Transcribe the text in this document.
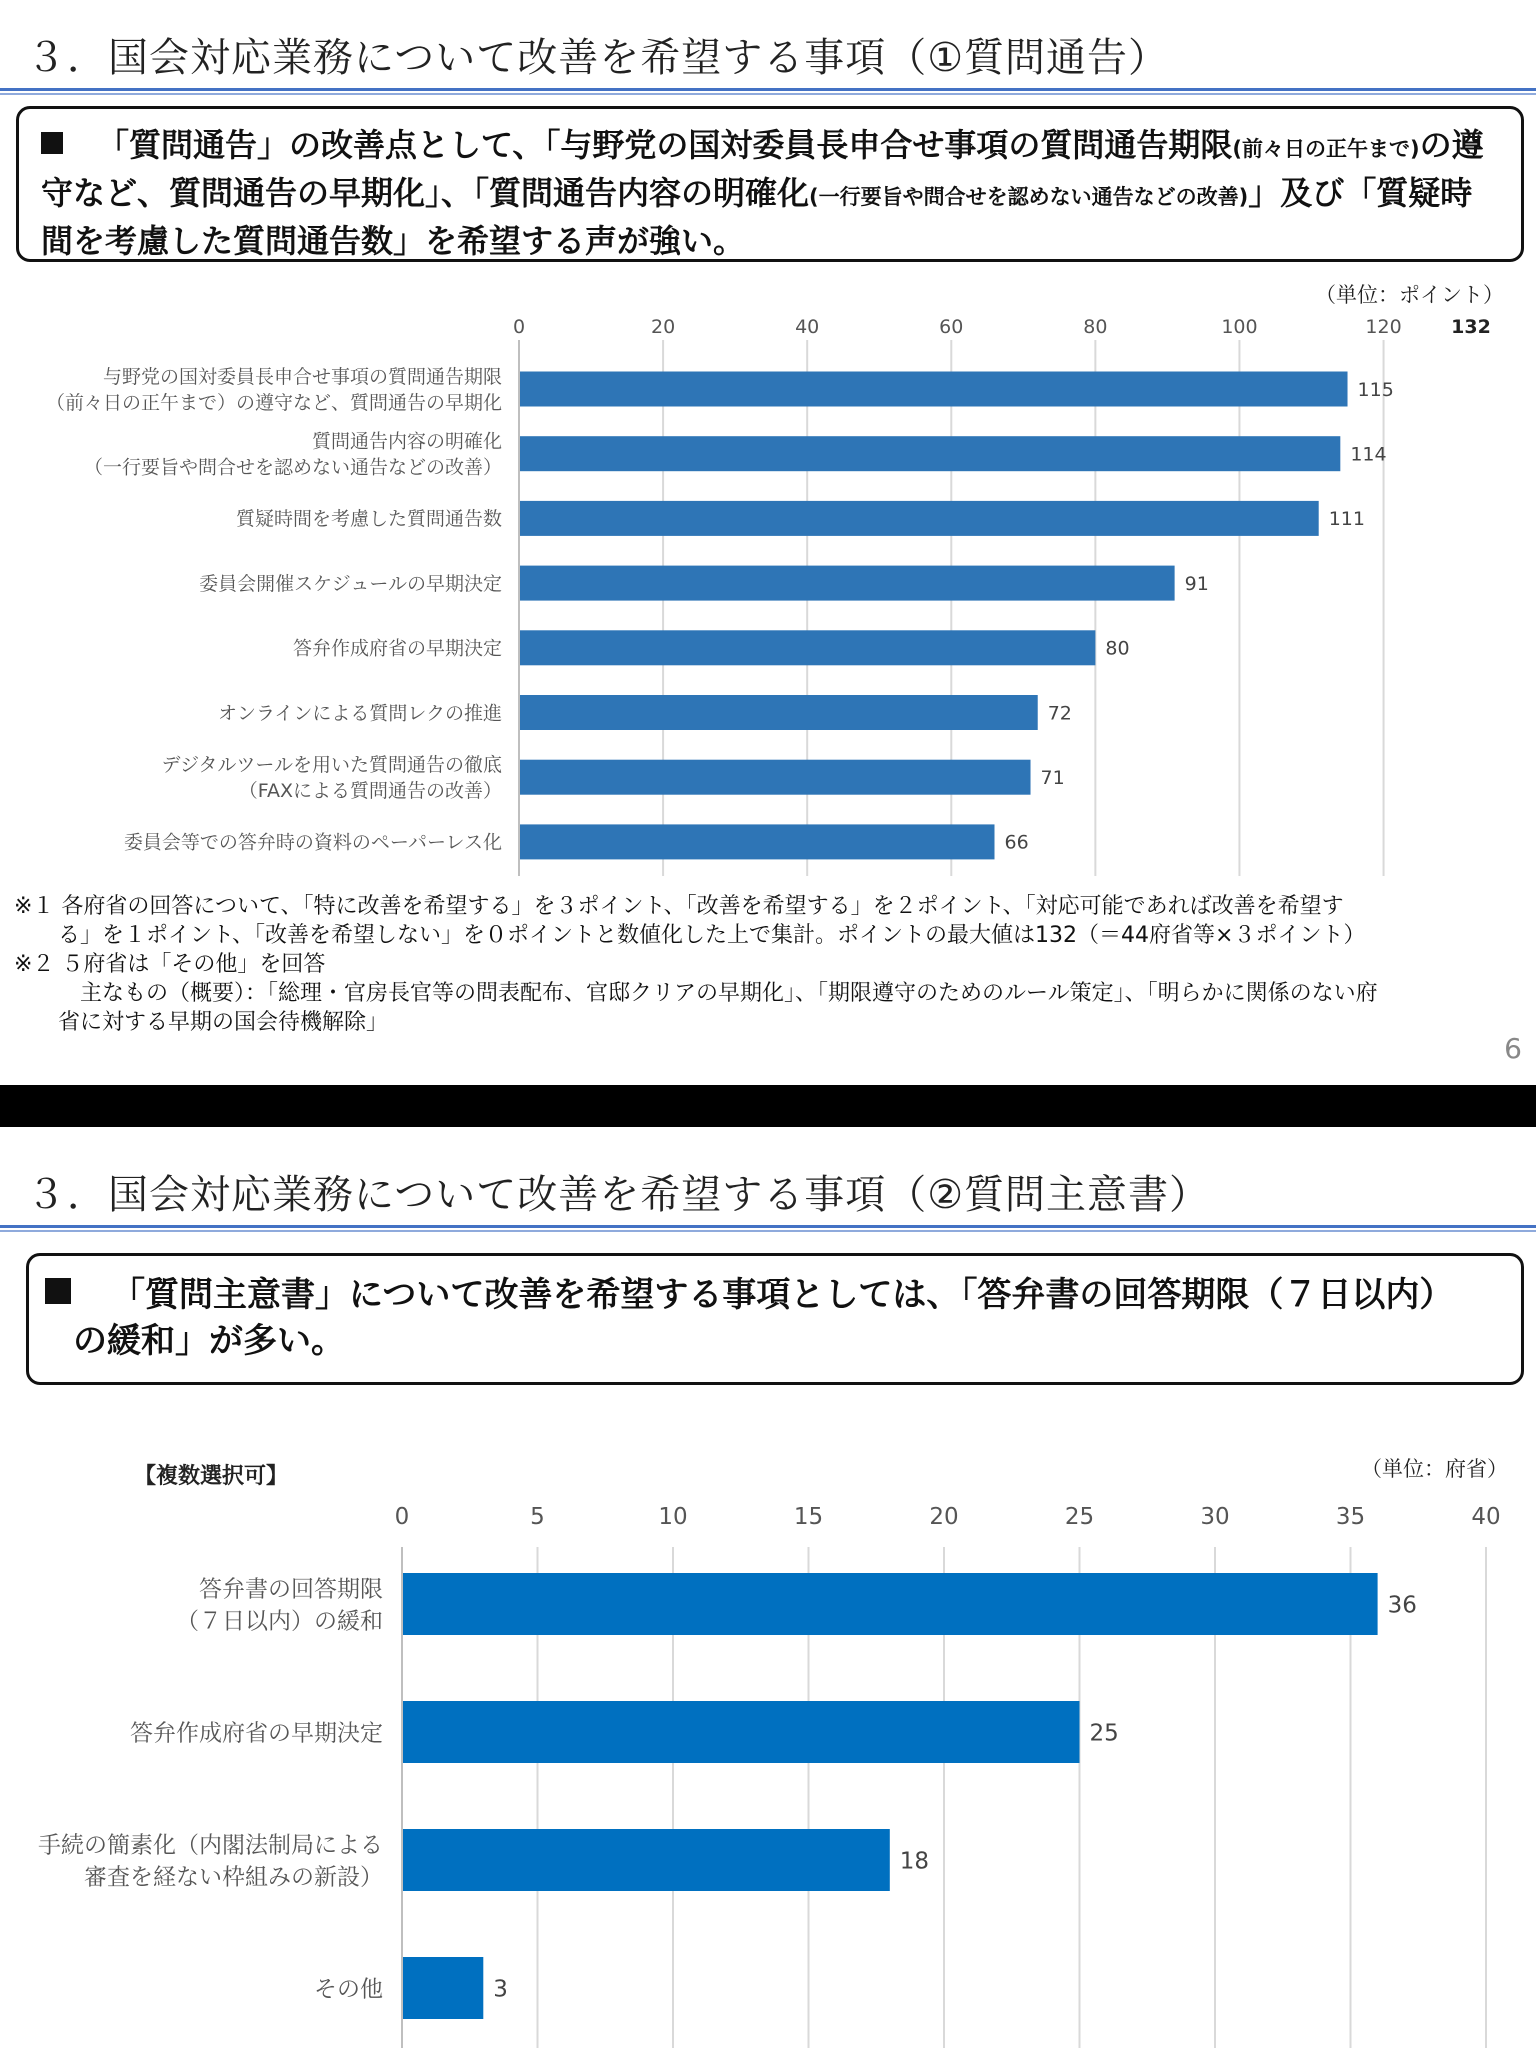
３．国会対応業務について改善を希望する事項（①質問通告）
「質問通告」の改善点として、「与野党の国対委員長申合せ事項の質問通告期限(前々日の正午まで)の遵守など、質問通告の早期化」、「質問通告内容の明確化(一行要旨や問合せを認めない通告などの改善)」及び「質疑時間を考慮した質問通告数」を希望する声が強い。
（単位：ポイント）
0	20	40	60	80	100	120	132
115
与野党の国対委員長申合せ事項の質問通告期限
（前々日の正午まで）の遵守など、質問通告の早期化
114
質問通告内容の明確化
（一行要旨や問合せを認めない通告などの改善）
111
質疑時間を考慮した質問通告数
91
委員会開催スケジュールの早期決定
80
答弁作成府省の早期決定
72
オンラインによる質問レクの推進
71
デジタルツールを用いた質問通告の徹底
（FAXによる質問通告の改善）
66
委員会等での答弁時の資料のペーパーレス化
※１ 各府省の回答について、「特に改善を希望する」を３ポイント、「改善を希望する」を２ポイント、「対応可能であれば改善を希望す
　　る」を１ポイント、「改善を希望しない」を０ポイントと数値化した上で集計。ポイントの最大値は132（＝44府省等×３ポイント）
※２ ５府省は「その他」を回答
　　　主なもの（概要）：「総理・官房長官等の問表配布、官邸クリアの早期化」、「期限遵守のためのルール策定」、「明らかに関係のない府
　　省に対する早期の国会待機解除」
6
３．国会対応業務について改善を希望する事項（②質問主意書）
「質問主意書」について改善を希望する事項としては、「答弁書の回答期限（７日以内）
の緩和」が多い。
【複数選択可】	（単位：府省）
0	5	10	15	20	25	30	35	40
36
答弁書の回答期限
（７日以内）の緩和
25
答弁作成府省の早期決定
18
手続の簡素化（内閣法制局による
審査を経ない枠組みの新設）
3
その他
